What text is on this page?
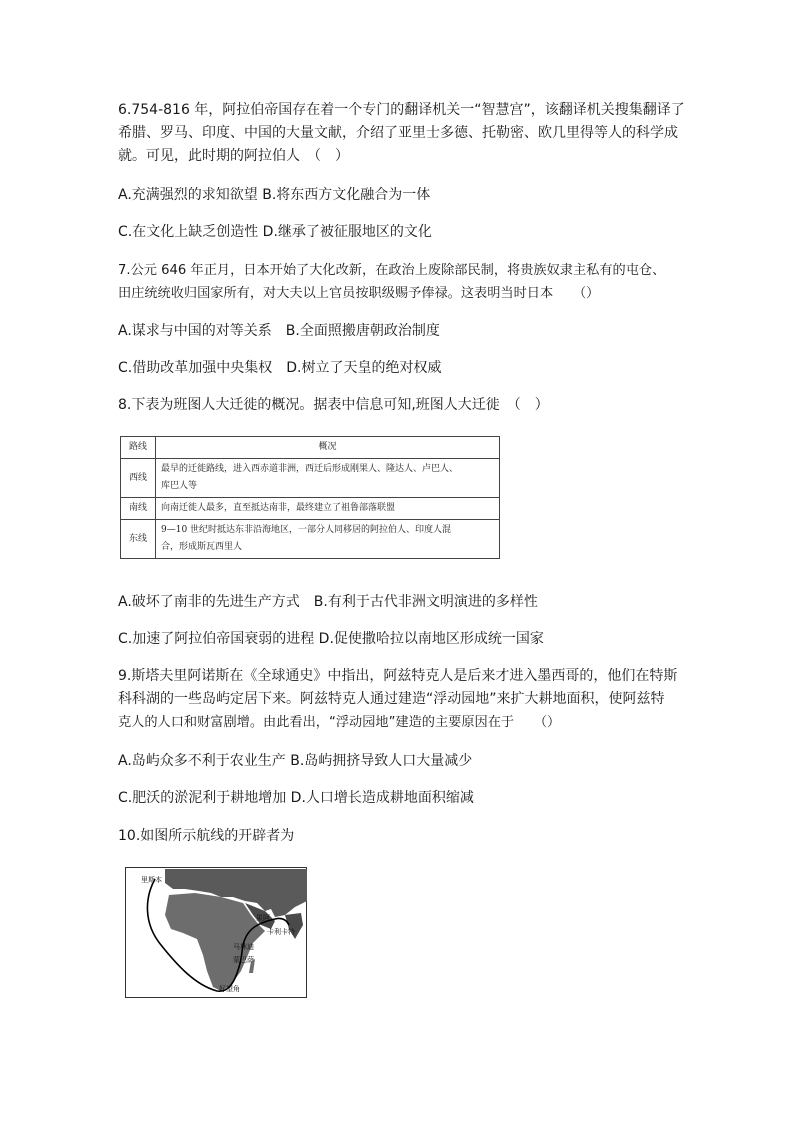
6.754-816 年，阿拉伯帝国存在着一个专门的翻译机关一“智慧宫”，该翻译机关搜集翻译了
希腊、罗马、印度、中国的大量文献，介绍了亚里士多德、托勒密、欧几里得等人的科学成
就。可见，此时期的阿拉伯人　（　）
A.充满强烈的求知欲望 B.将东西方文化融合为一体
C.在文化上缺乏创造性 D.继承了被征服地区的文化
7.公元 646 年正月，日本开始了大化改新，在政治上废除部民制，将贵族奴隶主私有的屯仓、
田庄统统收归国家所有，对大夫以上官员按职级赐予俸禄。这表明当时日本　　（）
A.谋求与中国的对等关系　B.全面照搬唐朝政治制度
C.借助改革加强中央集权　D.树立了天皇的绝对权威
8.下表为班图人大迁徙的概况。据表中信息可知,班图人大迁徙　（　）
路线	概况
西线	最早的迁徙路线，进入西赤道非洲，西迁后形成刚果人、隆达人、卢巴人、
库巴人等

南线	向南迁徙人最多，直至抵达南非，最终建立了祖鲁部落联盟

东线	9—10 世纪时抵达东非沿海地区，一部分人同移居的阿拉伯人、印度人混
合，形成斯瓦西里人
A.破坏了南非的先进生产方式　B.有利于古代非洲文明演进的多样性
C.加速了阿拉伯帝国衰弱的进程 D.促使撒哈拉以南地区形成统一国家
9.斯塔夫里阿诺斯在《全球通史》中指出，阿兹特克人是后来才进入墨西哥的，他们在特斯
科科湖的一些岛屿定居下来。阿兹特克人通过建造“浮动园地”来扩大耕地面积，使阿兹特
克人的人口和财富剧增。由此看出，“浮动园地”建造的主要原因在于　　（）
A.岛屿众多不利于农业生产 B.岛屿拥挤导致人口大量减少
C.肥沃的淤泥利于耕地增加 D.人口增长造成耕地面积缩减
10.如图所示航线的开辟者为
里斯本
果阿
卡利卡特
马林迪
蒙巴萨
好望角
